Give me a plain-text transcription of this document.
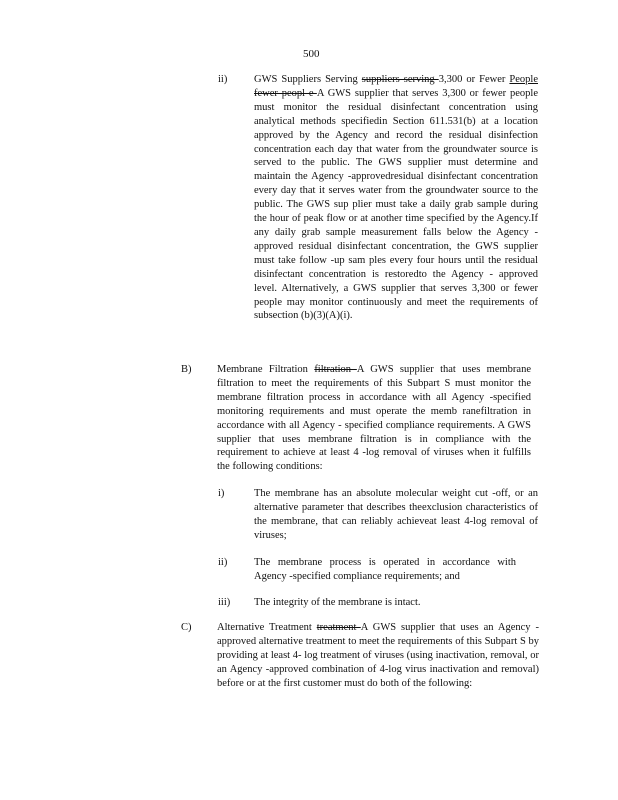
500
ii)	GWS Suppliers Serving suppliers serving 3,300 or Fewer People fewer peopl e A GWS supplier that serves 3,300 or fewer people must monitor the residual disinfectant concentration using analytical methods specifiedin Section 611.531(b) at a location approved by the Agency and record the residual disinfection concentration each day that water from the groundwater source is served to the public. The GWS supplier must determine and maintain the Agency -approvedresidual disinfectant concentration every day that it serves water from the groundwater source to the public. The GWS sup plier must take a daily grab sample during the hour of peak flow or at another time specified by the Agency.If any daily grab sample measurement falls below the Agency -approved residual disinfectant concentration, the GWS supplier must take follow -up sam ples every four hours until the residual disinfectant concentration is restoredto the Agency - approved level. Alternatively, a GWS supplier that serves 3,300 or fewer people may monitor continuously and meet the requirements of subsection (b)(3)(A)(i).
B) Membrane Filtration filtration A GWS supplier that uses membrane filtration to meet the requirements of this Subpart S must monitor the membrane filtration process in accordance with all Agency -specified monitoring requirements and must operate the memb ranefiltration in accordance with all Agency - specified compliance requirements. A GWS supplier that uses membrane filtration is in compliance with the requirement to achieve at least 4 -log removal of viruses when it fulfills the following conditions:
i)	The membrane has an absolute molecular weight cut -off, or an alternative parameter that describes theexclusion characteristics of the membrane, that can reliably achieveat least 4-log removal of viruses;
ii)	The membrane process is operated in accordance with Agency -specified compliance requirements; and
iii) The integrity of the membrane is intact.
C) Alternative Treatment treatment A GWS supplier that uses an Agency -approved alternative treatment to meet the requirements of this Subpart S by providing at least 4- log treatment of viruses (using inactivation, removal, or an Agency -approved combination of 4-log virus inactivation and removal) before or at the first customer must do both of the following:
